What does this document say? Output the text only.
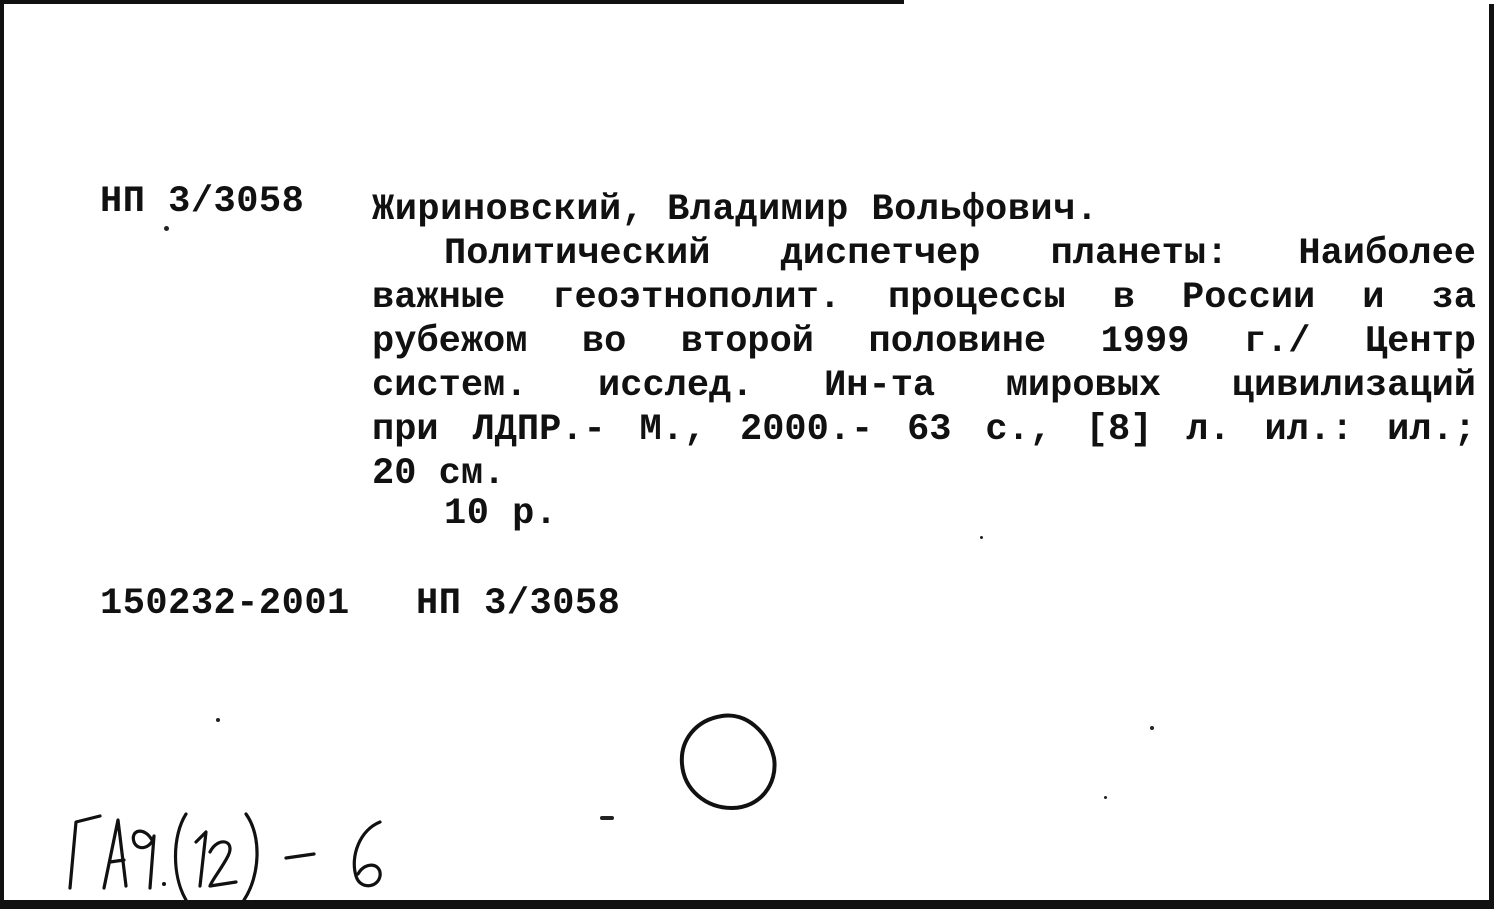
НП 3/3058 Жириновский, Владимир Вольфович.
Политический диспетчер планеты: Наиболее
важные геоэтнополит. процессы в России и за
рубежом во второй половине 1999 г./ Центр
систем. исслед. Ин-та мировых цивилизаций
при ЛДПР.- М., 2000.- 63 с., [8] л. ил.: ил.;
20 см.
10 р.
150232-2001 НП 3/3058
